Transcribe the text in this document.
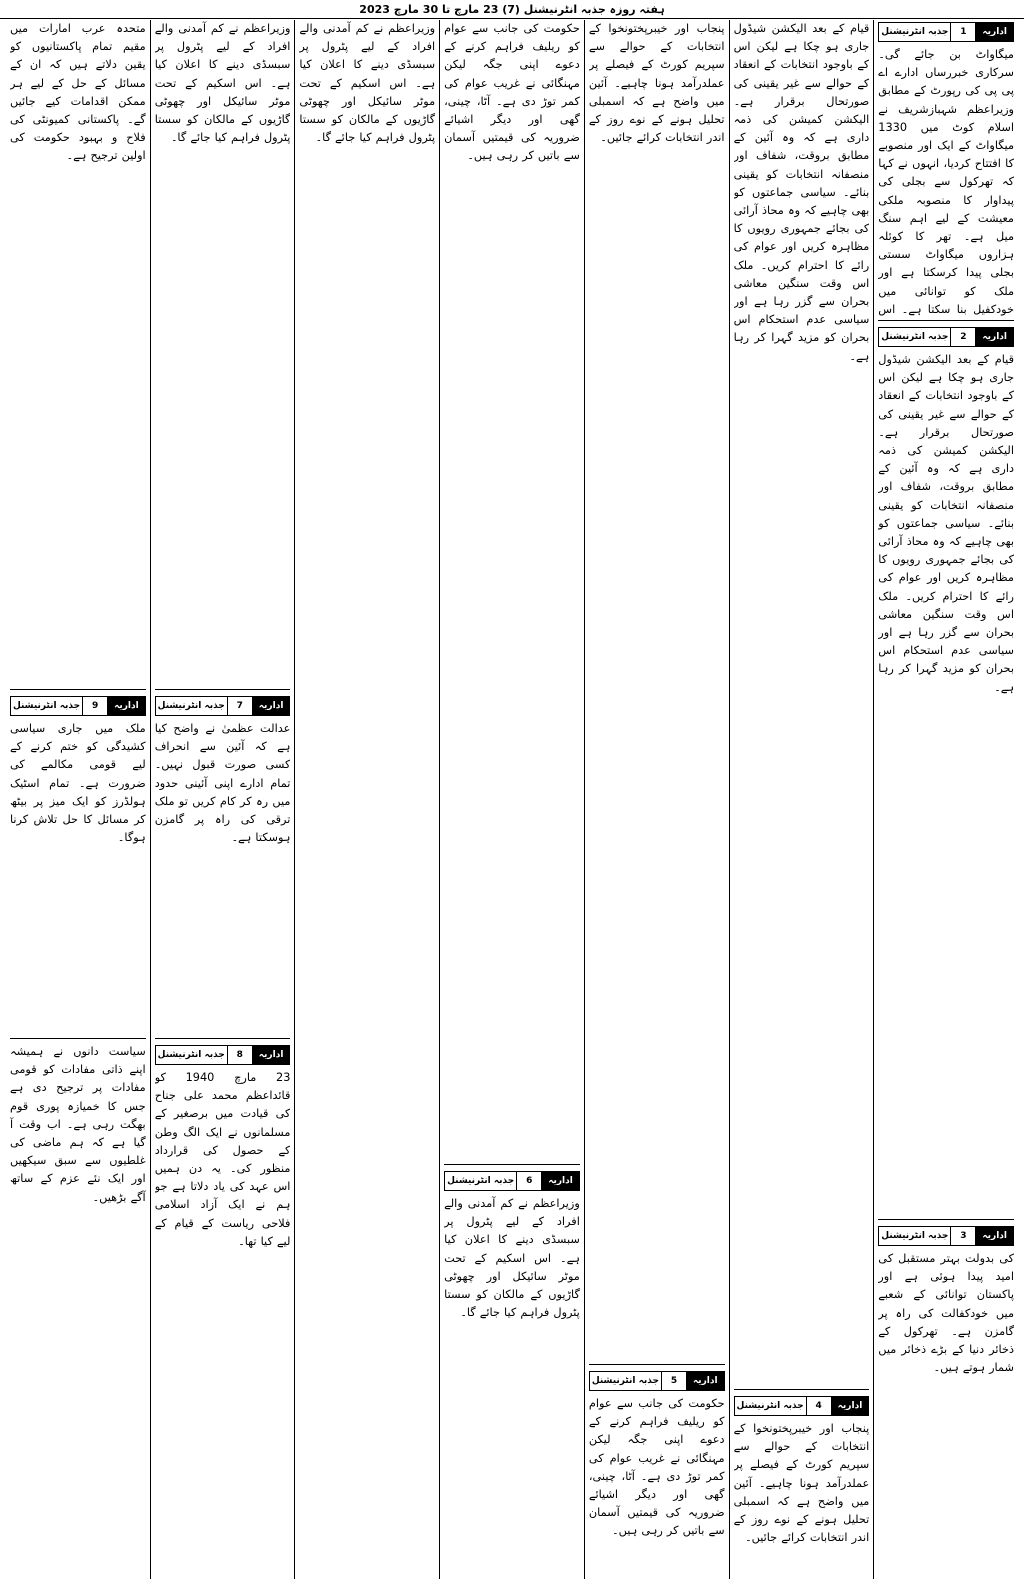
ہفتہ روزہ جذبہ انٹرنیشنل (7) 23 مارچ تا 30 مارچ 2023
اداریہ
1
جذبہ انٹرنیشنل

میگاواٹ بن جائے گی۔ سرکاری خبررساں ادارے اے پی پی کی رپورٹ کے مطابق وزیراعظم شہبازشریف نے اسلام کوٹ میں 1330 میگاواٹ کے ایک اور منصوبے کا افتتاح کردیا، انہوں نے کہا کہ تھرکول سے بجلی کی پیداوار کا منصوبہ ملکی معیشت کے لیے اہم سنگ میل ہے۔ تھر کا کوئلہ ہزاروں میگاواٹ سستی بجلی پیدا کرسکتا ہے اور ملک کو توانائی میں خودکفیل بنا سکتا ہے۔ اس

اداریہ
2
جذبہ انٹرنیشنل

قیام کے بعد الیکشن شیڈول جاری ہو چکا ہے لیکن اس کے باوجود انتخابات کے انعقاد کے حوالے سے غیر یقینی کی صورتحال برقرار ہے۔ الیکشن کمیشن کی ذمہ داری ہے کہ وہ آئین کے مطابق بروقت، شفاف اور منصفانہ انتخابات کو یقینی بنائے۔ سیاسی جماعتوں کو بھی چاہیے کہ وہ محاذ آرائی کی بجائے جمہوری رویوں کا مظاہرہ کریں اور عوام کی رائے کا احترام کریں۔ ملک اس وقت سنگین معاشی بحران سے گزر رہا ہے اور سیاسی عدم استحکام اس بحران کو مزید گہرا کر رہا ہے۔

اداریہ
3
جذبہ انٹرنیشنل

کی بدولت بہتر مستقبل کی امید پیدا ہوئی ہے اور پاکستان توانائی کے شعبے میں خودکفالت کی راہ پر گامزن ہے۔ تھرکول کے ذخائر دنیا کے بڑے ذخائر میں شمار ہوتے ہیں۔

قیام کے بعد الیکشن شیڈول جاری ہو چکا ہے لیکن اس کے باوجود انتخابات کے انعقاد کے حوالے سے غیر یقینی کی صورتحال برقرار ہے۔ الیکشن کمیشن کی ذمہ داری ہے کہ وہ آئین کے مطابق بروقت، شفاف اور منصفانہ انتخابات کو یقینی بنائے۔ سیاسی جماعتوں کو بھی چاہیے کہ وہ محاذ آرائی کی بجائے جمہوری رویوں کا مظاہرہ کریں اور عوام کی رائے کا احترام کریں۔ ملک اس وقت سنگین معاشی بحران سے گزر رہا ہے اور سیاسی عدم استحکام اس بحران کو مزید گہرا کر رہا ہے۔

اداریہ
4
جذبہ انٹرنیشنل

پنجاب اور خیبرپختونخوا کے انتخابات کے حوالے سے سپریم کورٹ کے فیصلے پر عملدرآمد ہونا چاہیے۔ آئین میں واضح ہے کہ اسمبلی تحلیل ہونے کے نوے روز کے اندر انتخابات کرائے جائیں۔

پنجاب اور خیبرپختونخوا کے انتخابات کے حوالے سے سپریم کورٹ کے فیصلے پر عملدرآمد ہونا چاہیے۔ آئین میں واضح ہے کہ اسمبلی تحلیل ہونے کے نوے روز کے اندر انتخابات کرائے جائیں۔

اداریہ
5
جذبہ انٹرنیشنل

حکومت کی جانب سے عوام کو ریلیف فراہم کرنے کے دعوے اپنی جگہ لیکن مہنگائی نے غریب عوام کی کمر توڑ دی ہے۔ آٹا، چینی، گھی اور دیگر اشیائے ضروریہ کی قیمتیں آسمان سے باتیں کر رہی ہیں۔

حکومت کی جانب سے عوام کو ریلیف فراہم کرنے کے دعوے اپنی جگہ لیکن مہنگائی نے غریب عوام کی کمر توڑ دی ہے۔ آٹا، چینی، گھی اور دیگر اشیائے ضروریہ کی قیمتیں آسمان سے باتیں کر رہی ہیں۔

اداریہ
6
جذبہ انٹرنیشنل

وزیراعظم نے کم آمدنی والے افراد کے لیے پٹرول پر سبسڈی دینے کا اعلان کیا ہے۔ اس اسکیم کے تحت موٹر سائیکل اور چھوٹی گاڑیوں کے مالکان کو سستا پٹرول فراہم کیا جائے گا۔

وزیراعظم نے کم آمدنی والے افراد کے لیے پٹرول پر سبسڈی دینے کا اعلان کیا ہے۔ اس اسکیم کے تحت موٹر سائیکل اور چھوٹی گاڑیوں کے مالکان کو سستا پٹرول فراہم کیا جائے گا۔

وزیراعظم نے کم آمدنی والے افراد کے لیے پٹرول پر سبسڈی دینے کا اعلان کیا ہے۔ اس اسکیم کے تحت موٹر سائیکل اور چھوٹی گاڑیوں کے مالکان کو سستا پٹرول فراہم کیا جائے گا۔

اداریہ
7
جذبہ انٹرنیشنل

عدالت عظمیٰ نے واضح کیا ہے کہ آئین سے انحراف کسی صورت قبول نہیں۔ تمام ادارے اپنی آئینی حدود میں رہ کر کام کریں تو ملک ترقی کی راہ پر گامزن ہوسکتا ہے۔

اداریہ
8
جذبہ انٹرنیشنل

23 مارچ 1940 کو قائداعظم محمد علی جناح کی قیادت میں برصغیر کے مسلمانوں نے ایک الگ وطن کے حصول کی قرارداد منظور کی۔ یہ دن ہمیں اس عہد کی یاد دلاتا ہے جو ہم نے ایک آزاد اسلامی فلاحی ریاست کے قیام کے لیے کیا تھا۔

متحدہ عرب امارات میں مقیم تمام پاکستانیوں کو یقین دلاتے ہیں کہ ان کے مسائل کے حل کے لیے ہر ممکن اقدامات کیے جائیں گے۔ پاکستانی کمیونٹی کی فلاح و بہبود حکومت کی اولین ترجیح ہے۔

اداریہ
9
جذبہ انٹرنیشنل

ملک میں جاری سیاسی کشیدگی کو ختم کرنے کے لیے قومی مکالمے کی ضرورت ہے۔ تمام اسٹیک ہولڈرز کو ایک میز پر بیٹھ کر مسائل کا حل تلاش کرنا ہوگا۔

سیاست دانوں نے ہمیشہ اپنے ذاتی مفادات کو قومی مفادات پر ترجیح دی ہے جس کا خمیازہ پوری قوم بھگت رہی ہے۔ اب وقت آ گیا ہے کہ ہم ماضی کی غلطیوں سے سبق سیکھیں اور ایک نئے عزم کے ساتھ آگے بڑھیں۔
